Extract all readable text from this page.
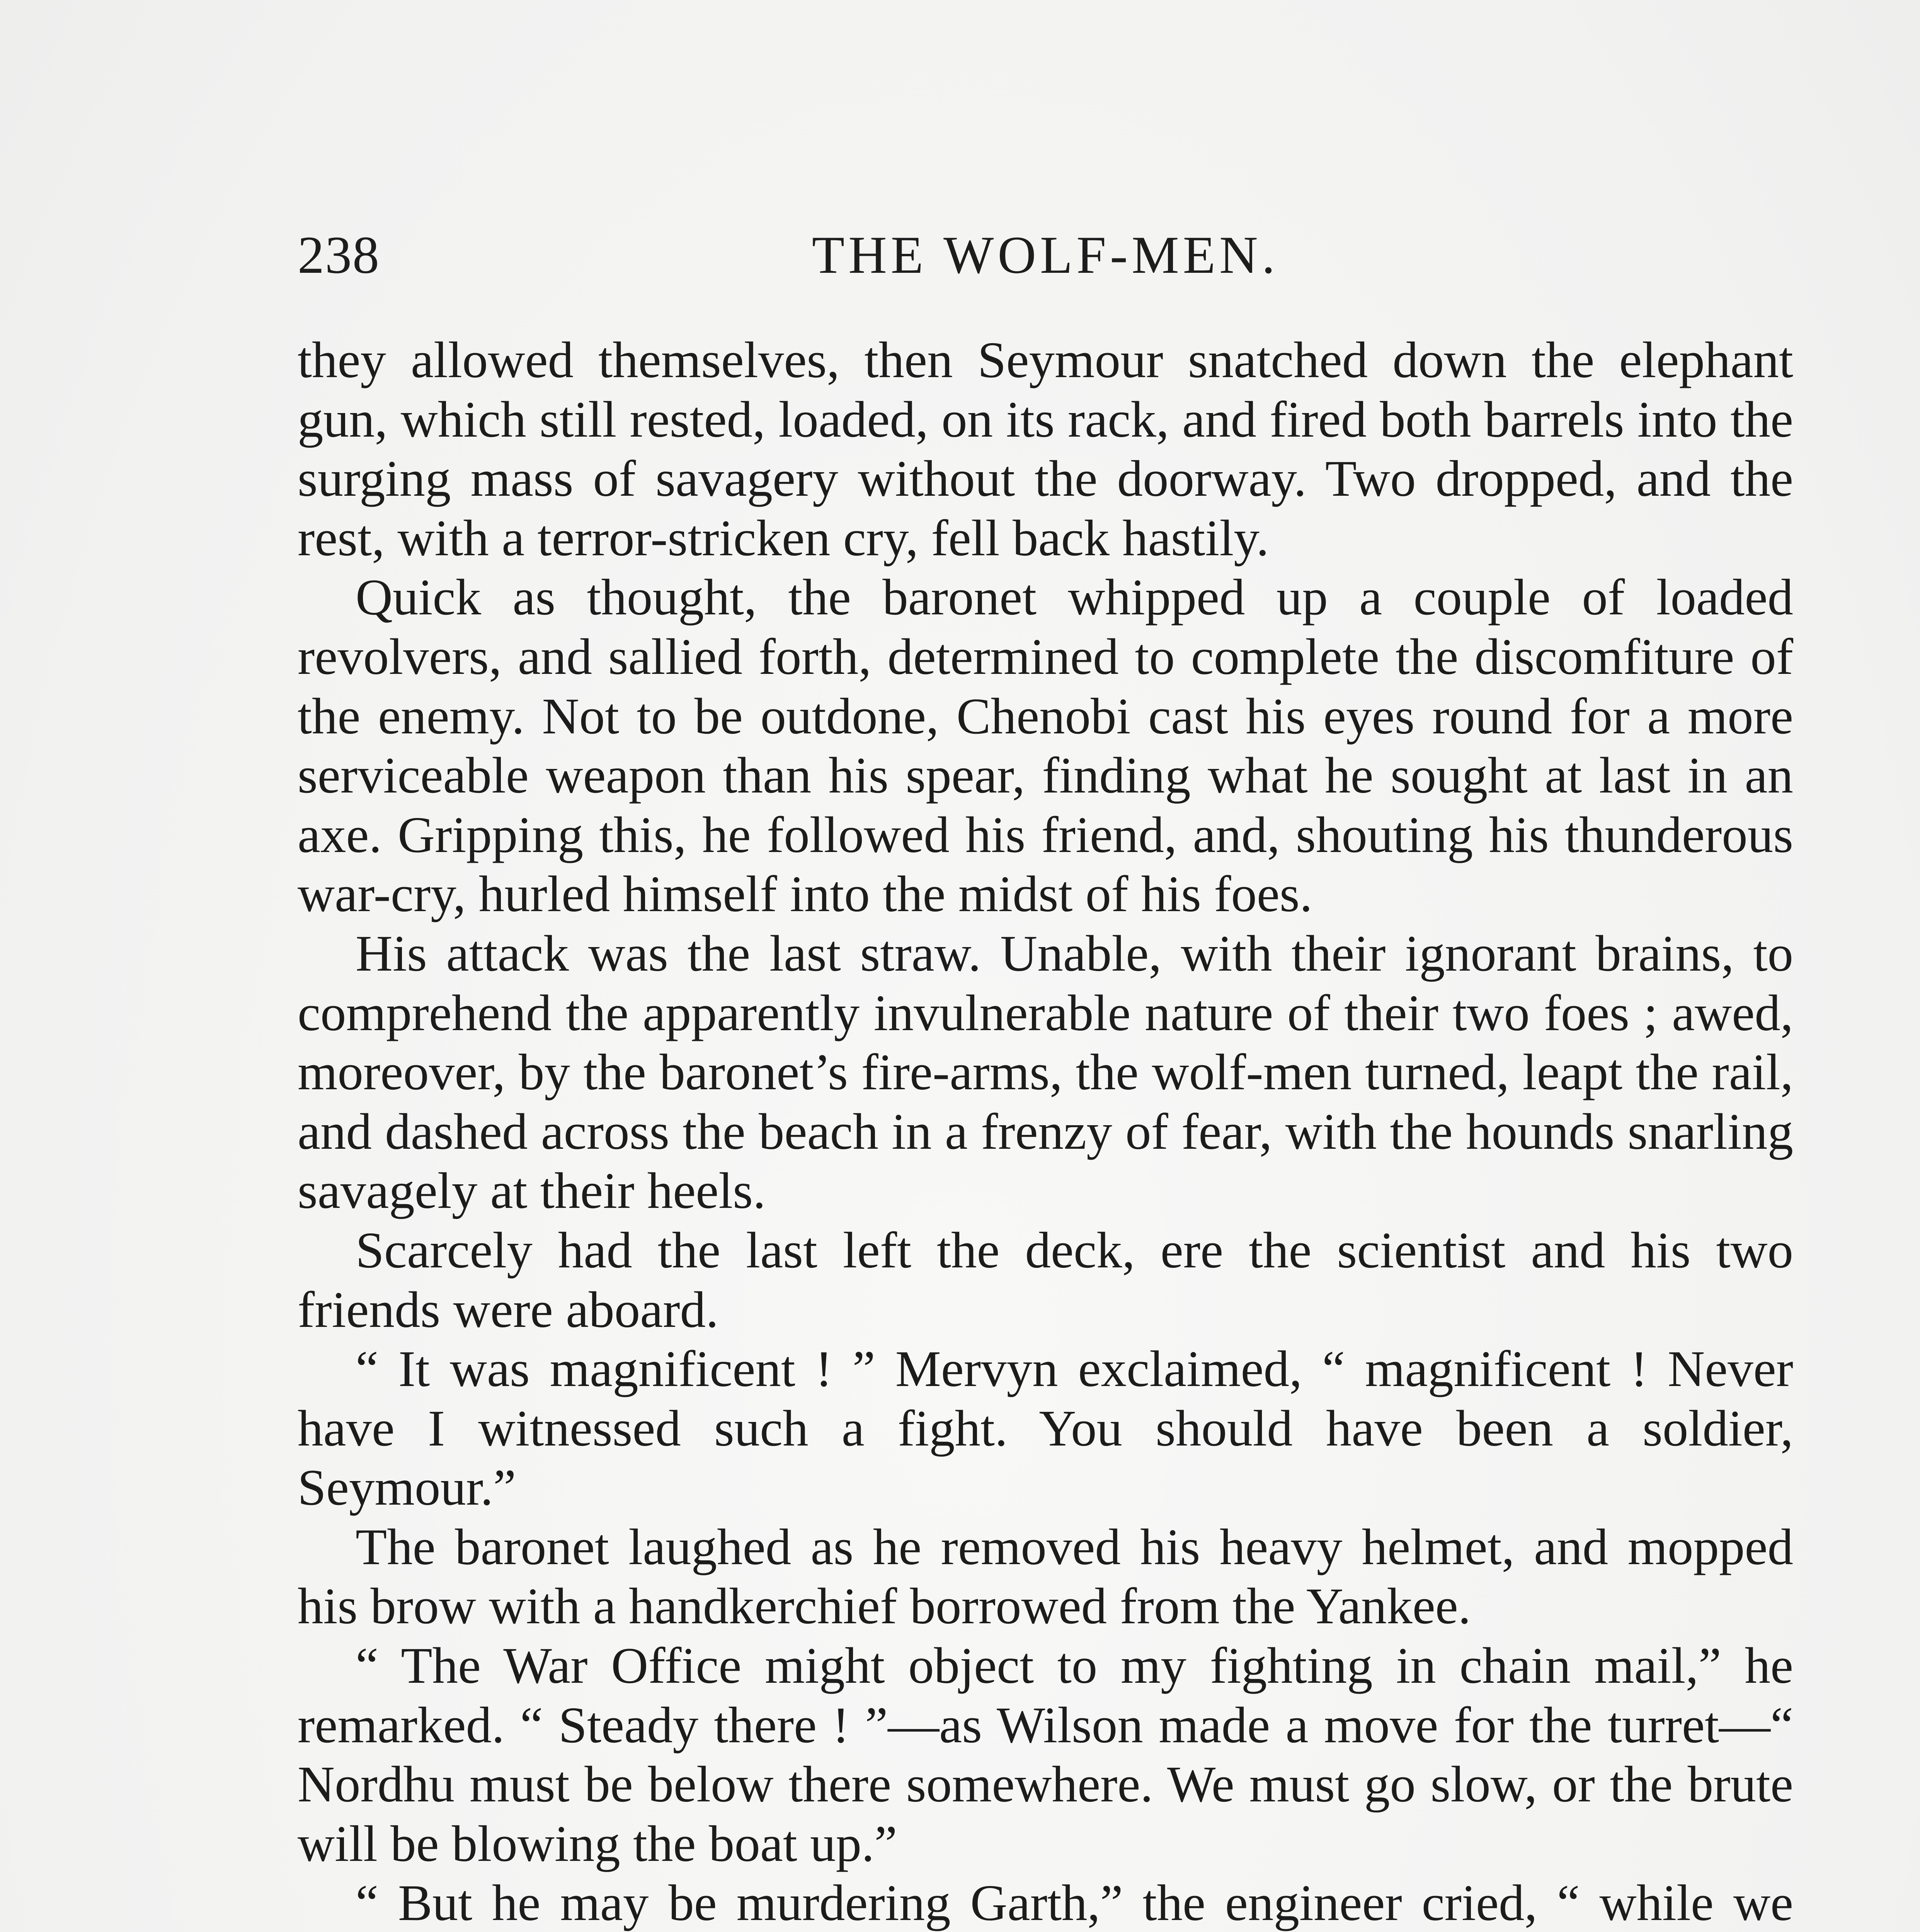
238	THE WOLF-MEN.

they allowed themselves, then Seymour snatched down the elephant gun, which still rested, loaded, on its rack, and fired both barrels into the surging mass of savagery without the doorway. Two dropped, and the rest, with a terror-stricken cry, fell back hastily.

Quick as thought, the baronet whipped up a couple of loaded revolvers, and sallied forth, determined to complete the discomfiture of the enemy. Not to be outdone, Chenobi cast his eyes round for a more serviceable weapon than his spear, finding what he sought at last in an axe. Gripping this, he followed his friend, and, shouting his thunderous war-cry, hurled himself into the midst of his foes.

His attack was the last straw. Unable, with their ignorant brains, to comprehend the apparently invulnerable nature of their two foes ; awed, moreover, by the baronet’s fire-arms, the wolf-men turned, leapt the rail, and dashed across the beach in a frenzy of fear, with the hounds snarling savagely at their heels.

Scarcely had the last left the deck, ere the scientist and his two friends were aboard.

“ It was magnificent ! ” Mervyn exclaimed, “ magnificent ! Never have I witnessed such a fight. You should have been a soldier, Seymour.”

The baronet laughed as he removed his heavy helmet, and mopped his brow with a handkerchief borrowed from the Yankee.

“ The War Office might object to my fighting in chain mail,” he remarked. “ Steady there ! ”—as Wilson made a move for the turret—“ Nordhu must be below there somewhere. We must go slow, or the brute will be blowing the boat up.”

“ But he may be murdering Garth,” the engineer cried, “ while we
